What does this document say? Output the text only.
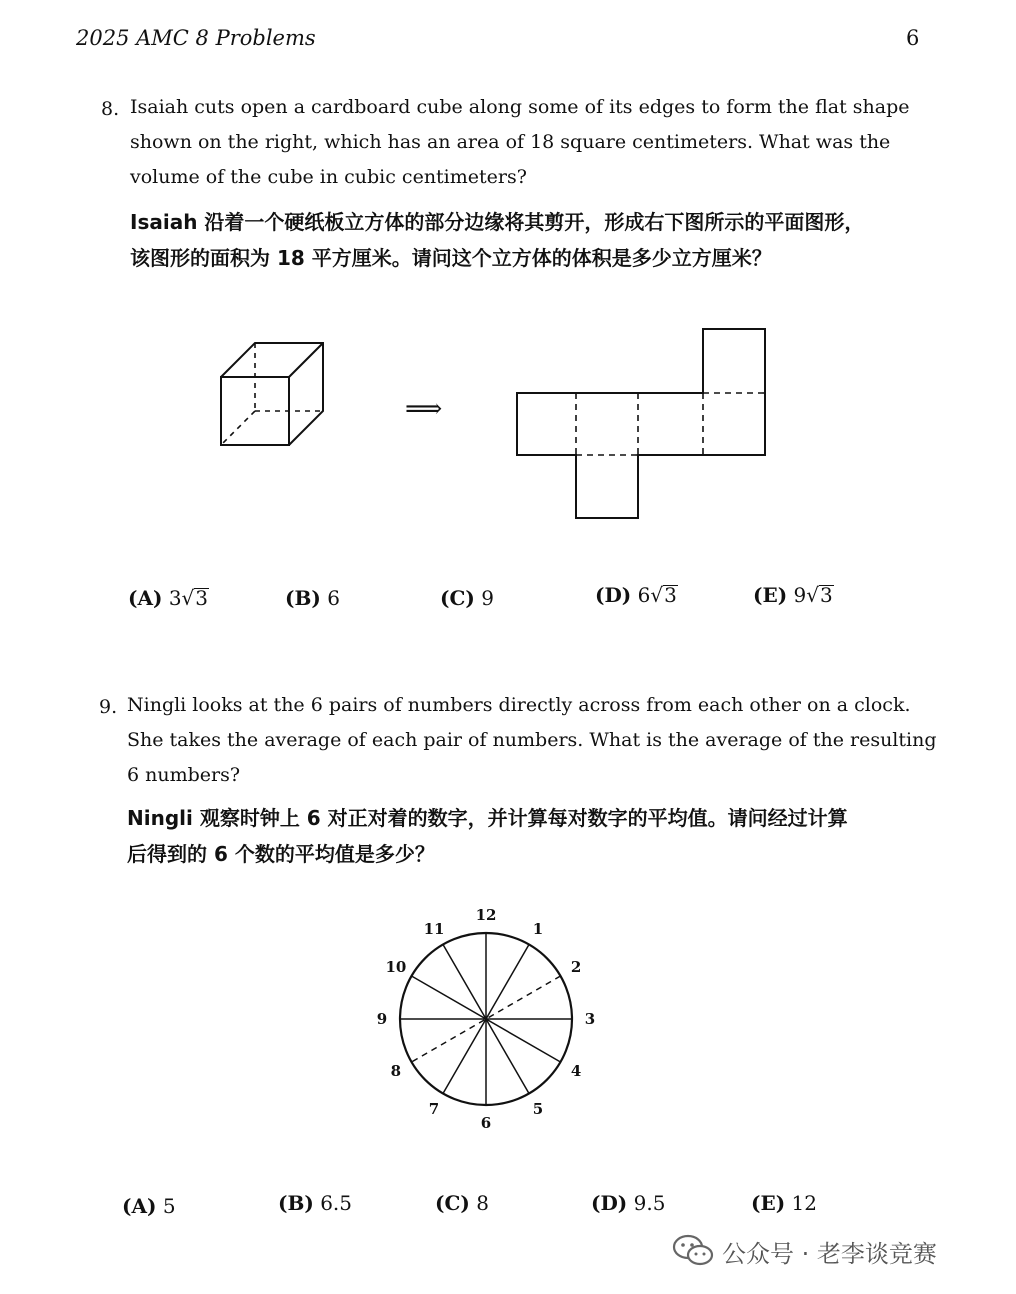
2025 AMC 8 Problems	6
8. Isaiah cuts open a cardboard cube along some of its edges to form the flat shape
shown on the right, which has an area of 18 square centimeters. What was the
volume of the cube in cubic centimeters?
Isaiah 沿着一个硬纸板立方体的部分边缘将其剪开，形成右下图所示的平面图形，
该图形的面积为 18 平方厘米。请问这个立方体的体积是多少立方厘米？
⟹
(A) 3√3	(B) 6	(C) 9	(D) 6√3	(E) 9√3
9. Ningli looks at the 6 pairs of numbers directly across from each other on a clock.
She takes the average of each pair of numbers. What is the average of the resulting
6 numbers?
Ningli 观察时钟上 6 对正对着的数字，并计算每对数字的平均值。请问经过计算
后得到的 6 个数的平均值是多少？
12
1
2
3
4
5
6
7
8
9
10
11
(A) 5	(B) 6.5	(C) 8	(D) 9.5	(E) 12
公众号 · 老李谈竞赛
